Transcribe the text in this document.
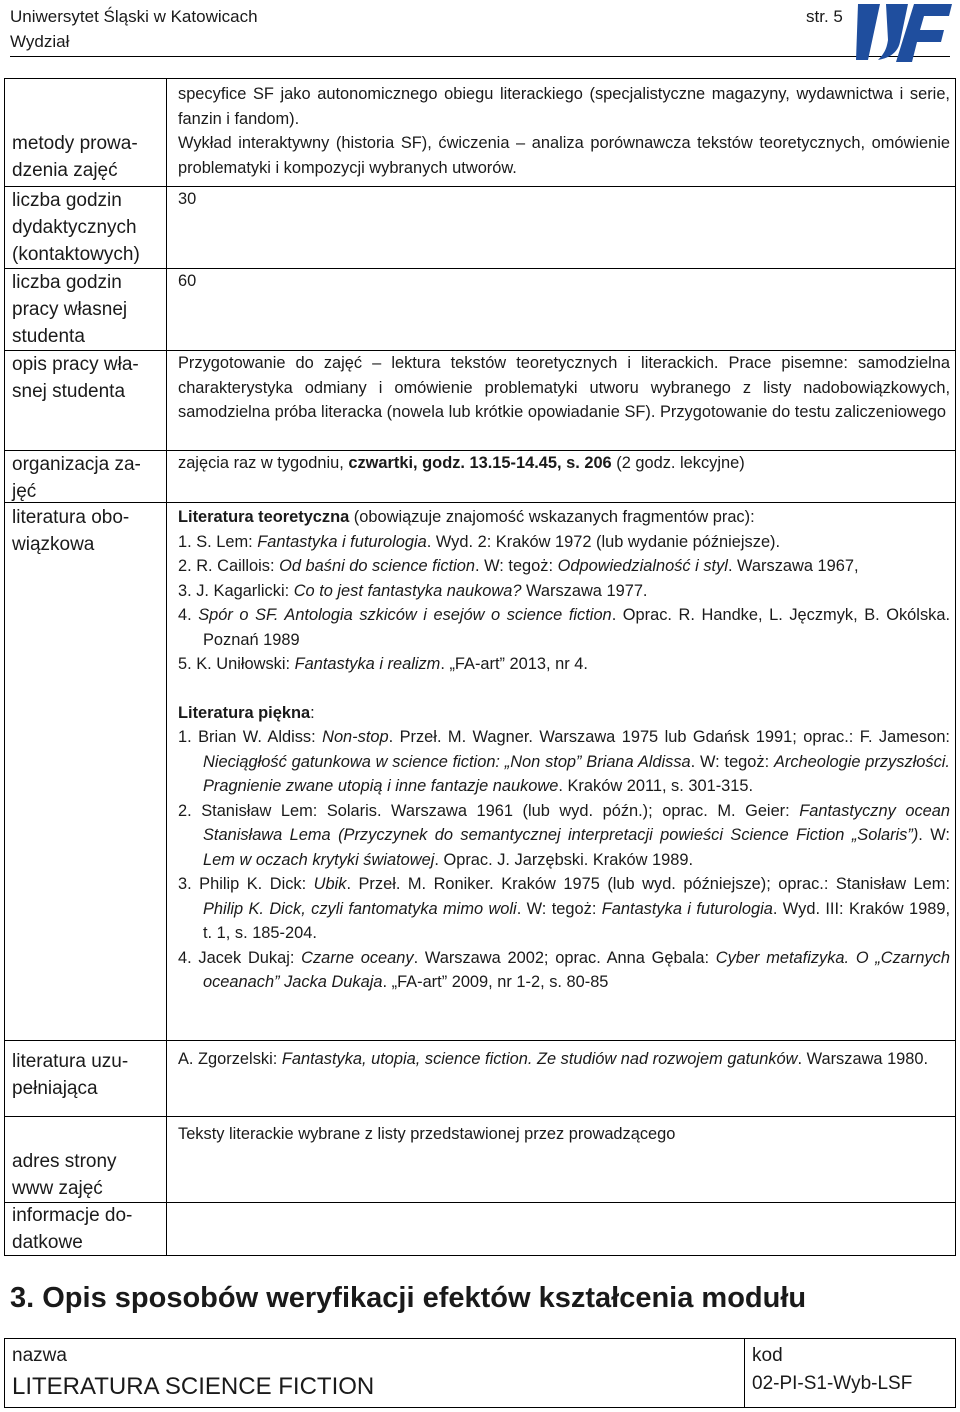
Uniwersytet Śląski w Katowicach
Wydział
str. 5
metody prowa-dzenia zajęć
liczba godzin dydaktycznych (kontaktowych)
liczba godzin pracy własnej studenta
opis pracy wła-snej studenta
organizacja za-jęć
literatura obo-wiązkowa
literatura uzu-pełniająca
adres strony www zajęć
informacje do-datkowe

specyfice SF jako autonomicznego obiegu literackiego (specjalistyczne magazyny, wydawnictwa i serie, fanzin i fandom).

Wykład interaktywny (historia SF), ćwiczenia – analiza porównawcza tekstów teoretycznych, omówienie problematyki i kompozycji wybranych utworów.

30
60
Przygotowanie do zajęć – lektura tekstów teoretycznych i literackich. Prace pisemne: samodzielna charakterystyka odmiany i omówienie problematyki utworu wybranego z listy nadobowiązkowych, samodzielna próba literacka (nowela lub krótkie opowiadanie SF). Przygotowanie do testu zaliczeniowego
zajęcia raz w tygodniu, czwartki, godz. 13.15-14.45, s. 206 (2 godz. lekcyjne)

Literatura teoretyczna (obowiązuje znajomość wskazanych fragmentów prac):

1. S. Lem: Fantastyka i futurologia. Wyd. 2: Kraków 1972 (lub wydanie późniejsze).
2. R. Caillois: Od baśni do science fiction. W: tegoż: Odpowiedzialność i styl. Warszawa 1967,
3. J. Kagarlicki: Co to jest fantastyka naukowa? Warszawa 1977.
4. Spór o SF. Antologia szkiców i esejów o science fiction. Oprac. R. Handke, L. Jęczmyk, B. Okólska. Poznań 1989
5. K. Uniłowski: Fantastyka i realizm. „FA-art” 2013, nr 4.

Literatura piękna:

1. Brian W. Aldiss: Non-stop. Przeł. M. Wagner. Warszawa 1975 lub Gdańsk 1991; oprac.: F. Jameson: Nieciągłość gatunkowa w science fiction: „Non stop” Briana Aldissa. W: tegoż: Archeologie przyszłości. Pragnienie zwane utopią i inne fantazje naukowe. Kraków 2011, s. 301-315.
2. Stanisław Lem: Solaris. Warszawa 1961 (lub wyd. późn.); oprac. M. Geier: Fantastyczny ocean Stanisława Lema (Przyczynek do semantycznej interpretacji powieści Science Fiction „Solaris”). W: Lem w oczach krytyki światowej. Oprac. J. Jarzębski. Kraków 1989.
3. Philip K. Dick: Ubik. Przeł. M. Roniker. Kraków 1975 (lub wyd. późniejsze); oprac.: Stanisław Lem: Philip K. Dick, czyli fantomatyka mimo woli. W: tegoż: Fantastyka i futurologia. Wyd. III: Kraków 1989, t. 1, s. 185-204.
4. Jacek Dukaj: Czarne oceany. Warszawa 2002; oprac. Anna Gębala: Cyber metafizyka. O „Czarnych oceanach” Jacka Dukaja. „FA-art” 2009, nr 1-2, s. 80-85

A. Zgorzelski: Fantastyka, utopia, science fiction. Ze studiów nad rozwojem gatunków. Warszawa 1980.

Teksty literackie wybrane z listy przedstawionej przez prowadzącego
3. Opis sposobów weryfikacji efektów kształcenia modułu
nazwa
LITERATURA SCIENCE FICTION
kod
02-PI-S1-Wyb-LSF
